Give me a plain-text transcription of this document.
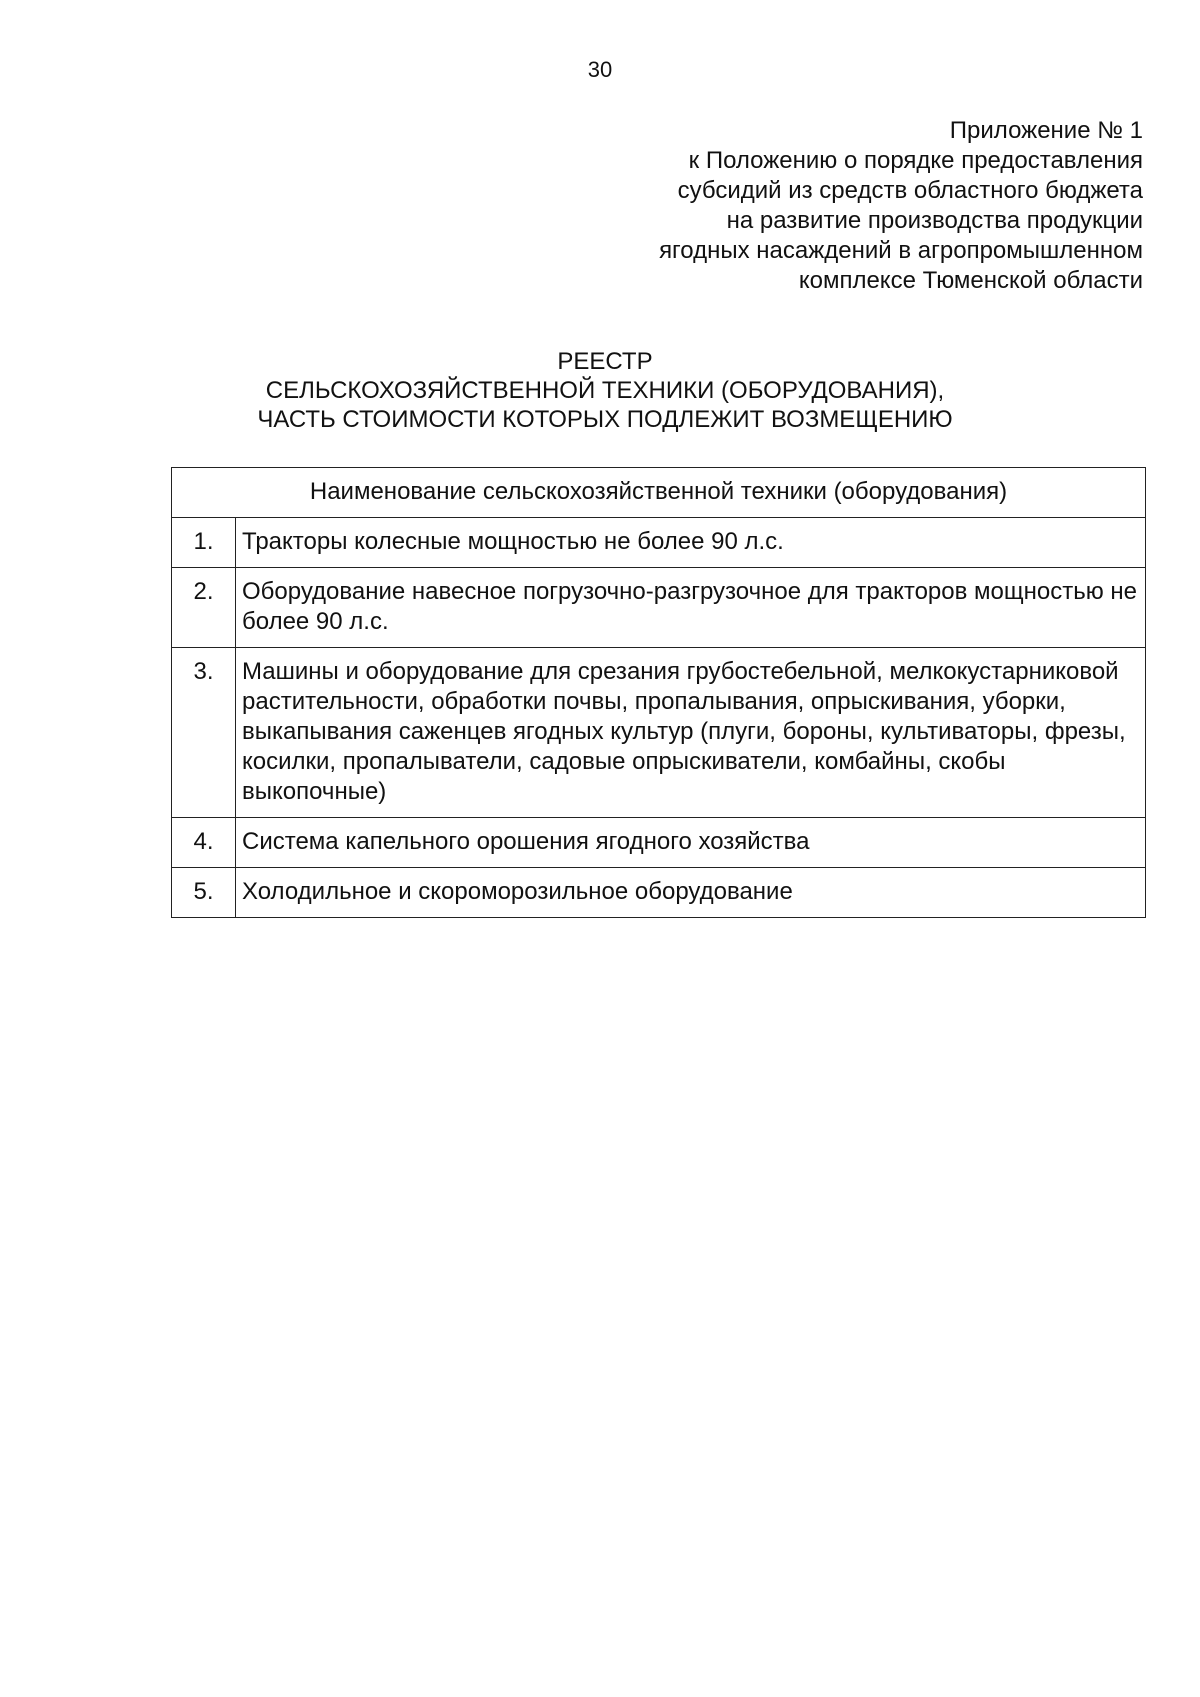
30
Приложение № 1
к Положению о порядке предоставления
субсидий из средств областного бюджета
на развитие производства продукции
ягодных насаждений в агропромышленном
комплексе Тюменской области
РЕЕСТР
СЕЛЬСКОХОЗЯЙСТВЕННОЙ ТЕХНИКИ (ОБОРУДОВАНИЯ),
ЧАСТЬ СТОИМОСТИ КОТОРЫХ ПОДЛЕЖИТ ВОЗМЕЩЕНИЮ
Наименование сельскохозяйственной техники (оборудования)	
1.	Тракторы колесные мощностью не более 90 л.с.
2.	Оборудование навесное погрузочно-разгрузочное для тракторов мощностью не более 90 л.с.
3.	Машины и оборудование для срезания грубостебельной, мелкокустарниковой растительности, обработки почвы, пропалывания, опрыскивания, уборки, выкапывания саженцев ягодных культур (плуги, бороны, культиваторы, фрезы, косилки, пропалыватели, садовые опрыскиватели, комбайны, скобы выкопочные)
4.	Система капельного орошения ягодного хозяйства
5.	Холодильное и скороморозильное оборудование
